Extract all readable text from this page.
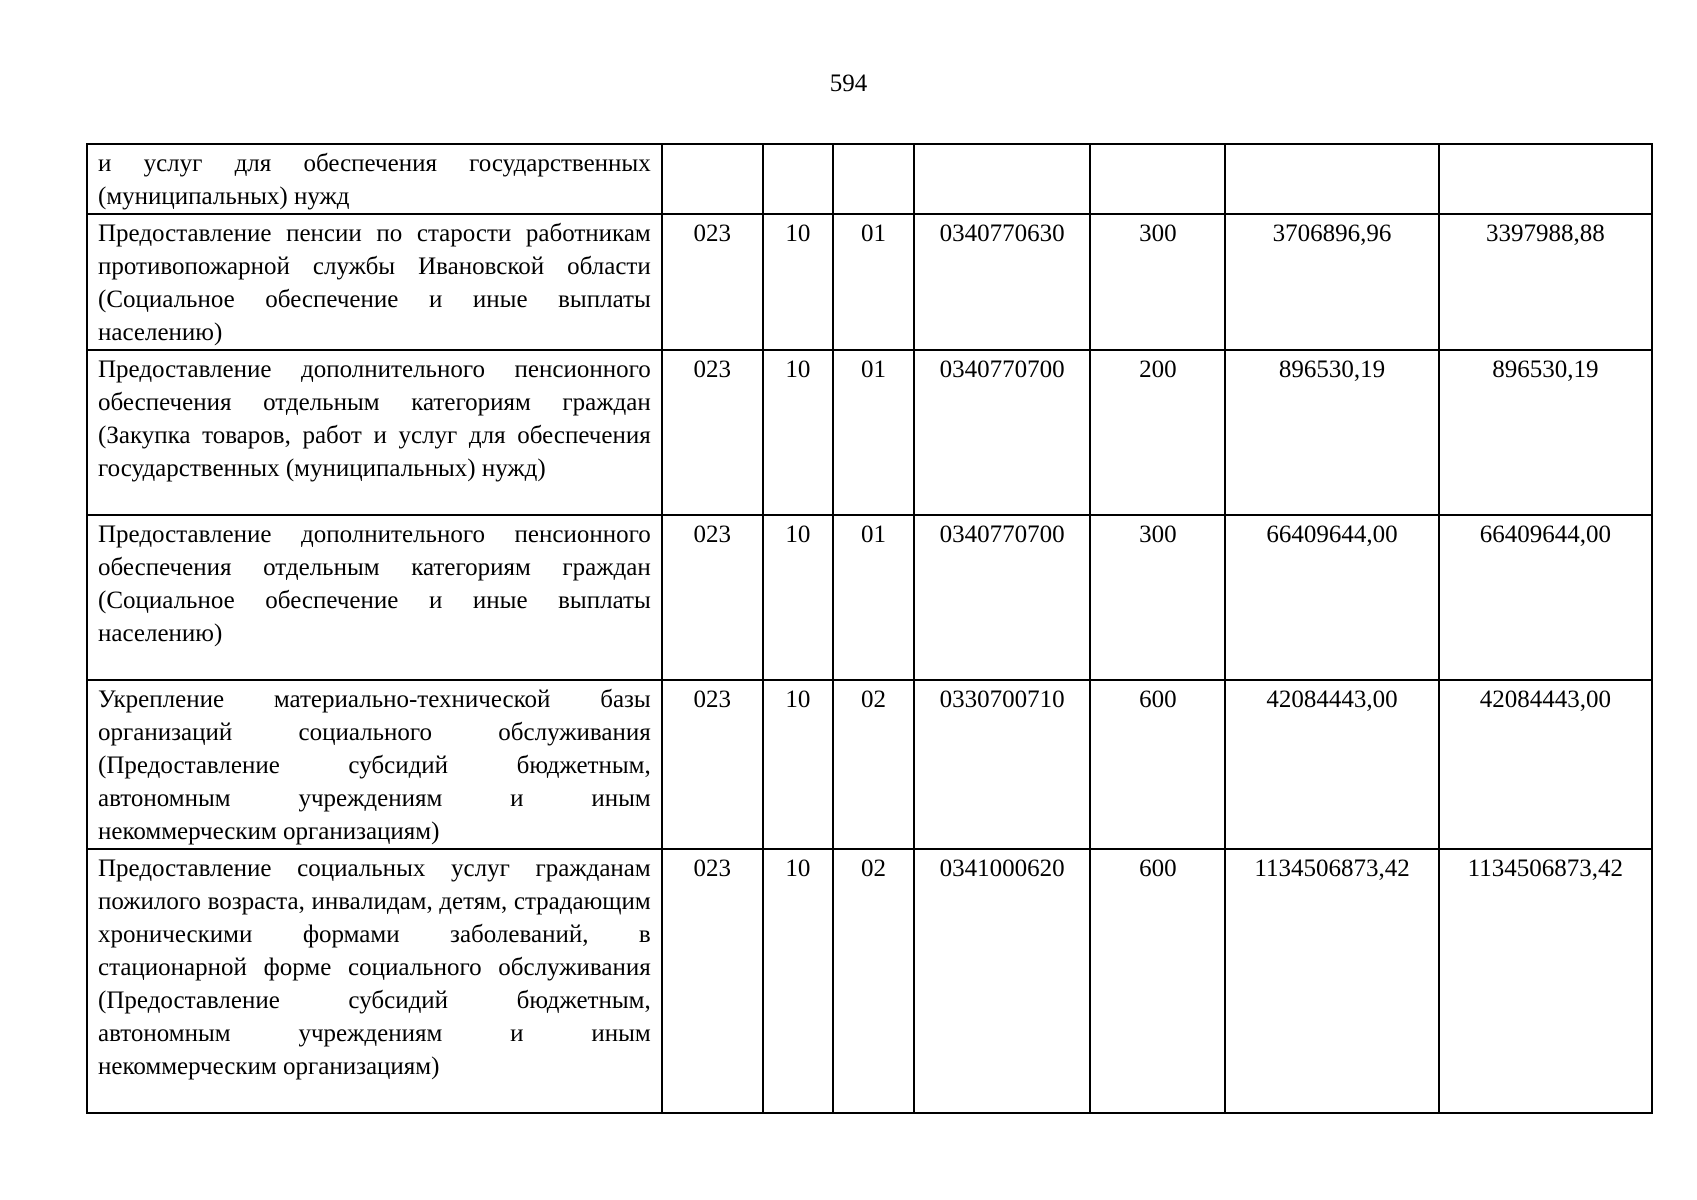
594
и услуг для обеспечения государственных (муниципальных) нужд							
Предоставление пенсии по старости работникам противопожарной службы Ивановской области (Социальное обеспечение и иные выплаты населению)	023	10	01	0340770630	300	3706896,96	3397988,88
Предоставление дополнительного пенсионного обеспечения отдельным категориям граждан (Закупка товаров, работ и услуг для обеспечения государственных (муниципальных) нужд)	023	10	01	0340770700	200	896530,19	896530,19
Предоставление дополнительного пенсионного обеспечения отдельным категориям граждан (Социальное обеспечение и иные выплаты населению)	023	10	01	0340770700	300	66409644,00	66409644,00
Укрепление материально-технической базы организаций социального обслуживания (Предоставление субсидий бюджетным, автономным учреждениям и иным некоммерческим организациям)	023	10	02	0330700710	600	42084443,00	42084443,00
Предоставление социальных услуг гражданам пожилого возраста, инвалидам, детям, страдающим хроническими формами заболеваний, в стационарной форме социального обслуживания (Предоставление субсидий бюджетным, автономным учреждениям и иным некоммерческим организациям)	023	10	02	0341000620	600	1134506873,42	1134506873,42
